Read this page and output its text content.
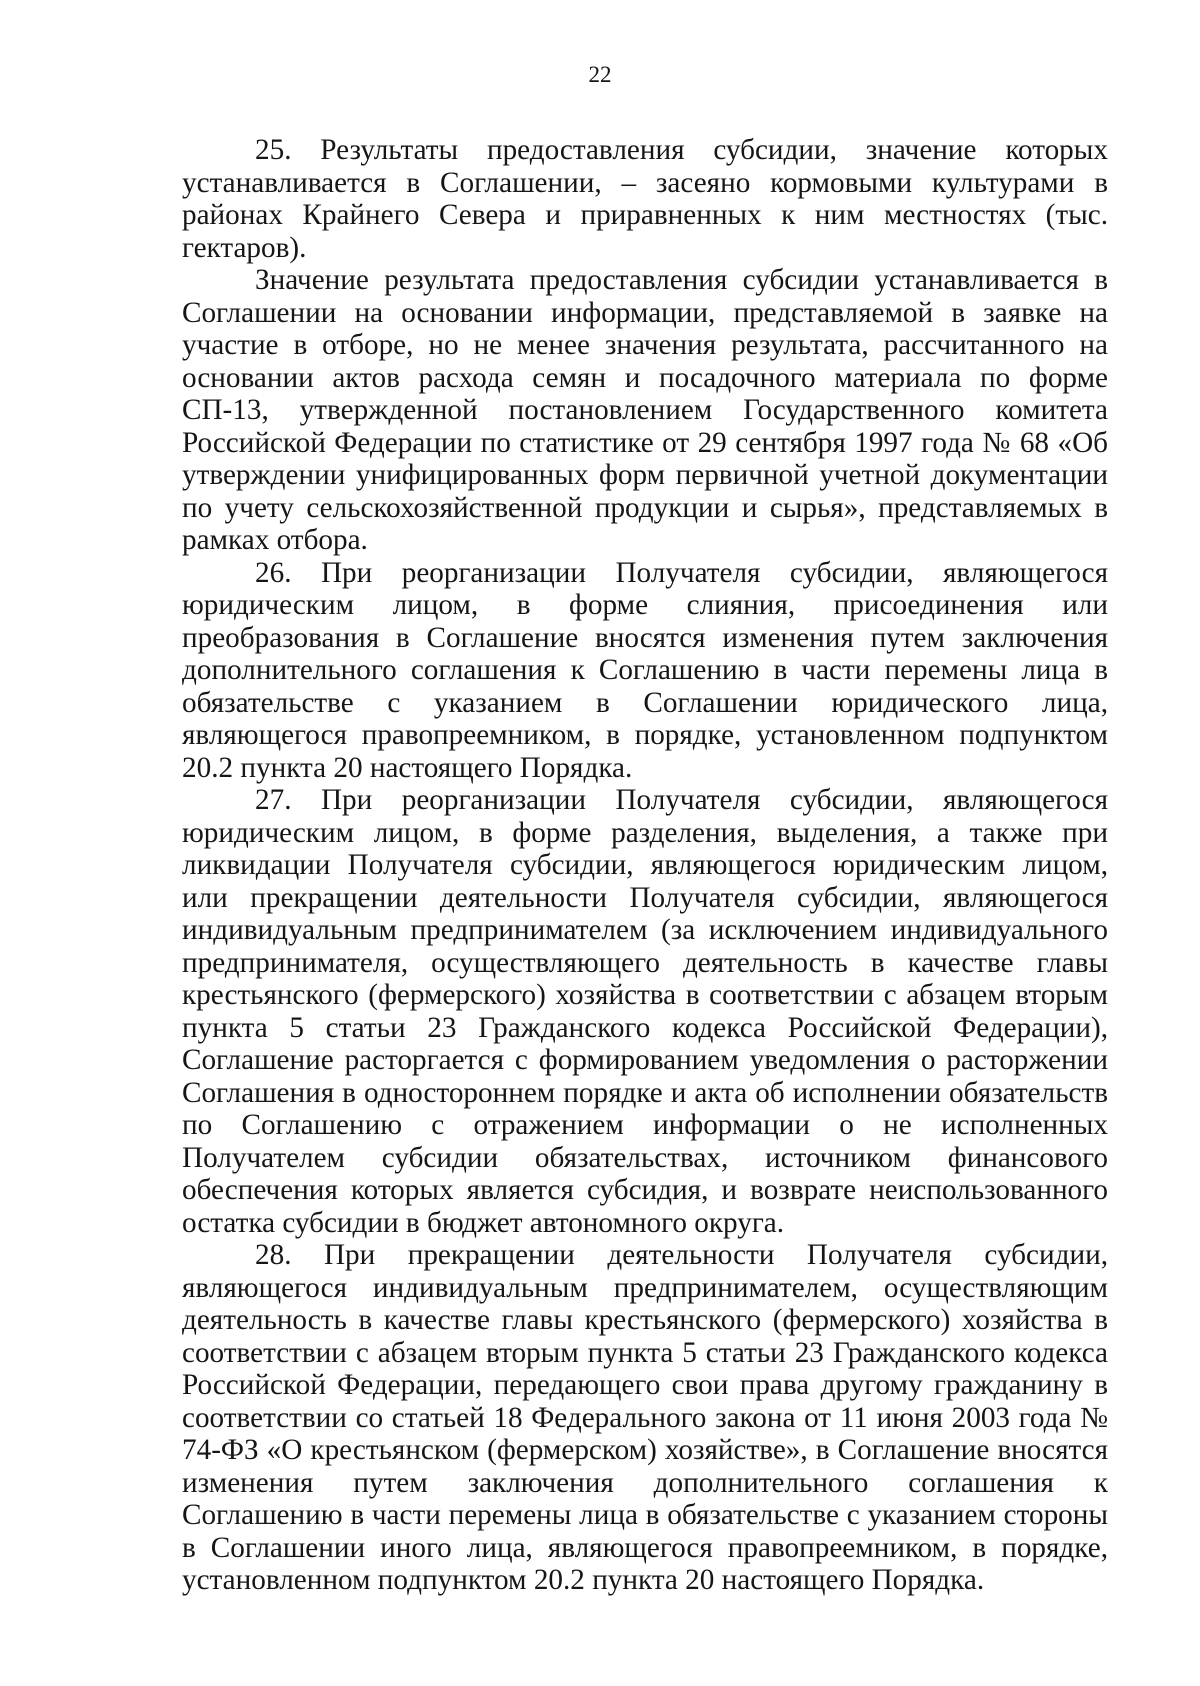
22

25. Результаты предоставления субсидии, значение которых устанавливается в Соглашении, – засеяно кормовыми культурами в районах Крайнего Севера и приравненных к ним местностях (тыс. гектаров).

Значение результата предоставления субсидии устанавливается в Соглашении на основании информации, представляемой в заявке на участие в отборе, но не менее значения результата, рассчитанного на основании актов расхода семян и посадочного материала по форме СП-13, утвержденной постановлением Государственного комитета Российской Федерации по статистике от 29 сентября 1997 года № 68 «Об утверждении унифицированных форм первичной учетной документации по учету сельскохозяйственной продукции и сырья», представляемых в рамках отбора.

26. При реорганизации Получателя субсидии, являющегося юридическим лицом, в форме слияния, присоединения или преобразования в Соглашение вносятся изменения путем заключения дополнительного соглашения к Соглашению в части перемены лица в обязательстве с указанием в Соглашении юридического лица, являющегося правопреемником, в порядке, установленном подпунктом 20.2 пункта 20 настоящего Порядка.

27. При реорганизации Получателя субсидии, являющегося юридическим лицом, в форме разделения, выделения, а также при ликвидации Получателя субсидии, являющегося юридическим лицом, или прекращении деятельности Получателя субсидии, являющегося индивидуальным предпринимателем (за исключением индивидуального предпринимателя, осуществляющего деятельность в качестве главы крестьянского (фермерского) хозяйства в соответствии с абзацем вторым пункта 5 статьи 23 Гражданского кодекса Российской Федерации), Соглашение расторгается с формированием уведомления о расторжении Соглашения в одностороннем порядке и акта об исполнении обязательств по Соглашению с отражением информации о не исполненных Получателем субсидии обязательствах, источником финансового обеспечения которых является субсидия, и возврате неиспользованного остатка субсидии в бюджет автономного округа.

28. При прекращении деятельности Получателя субсидии, являющегося индивидуальным предпринимателем, осуществляющим деятельность в качестве главы крестьянского (фермерского) хозяйства в соответствии с абзацем вторым пункта 5 статьи 23 Гражданского кодекса Российской Федерации, передающего свои права другому гражданину в соответствии со статьей 18 Федерального закона от 11 июня 2003 года № 74-ФЗ «О крестьянском (фермерском) хозяйстве», в Соглашение вносятся изменения путем заключения дополнительного соглашения к Соглашению в части перемены лица в обязательстве с указанием стороны в Соглашении иного лица, являющегося правопреемником, в порядке, установленном подпунктом 20.2 пункта 20 настоящего Порядка.
